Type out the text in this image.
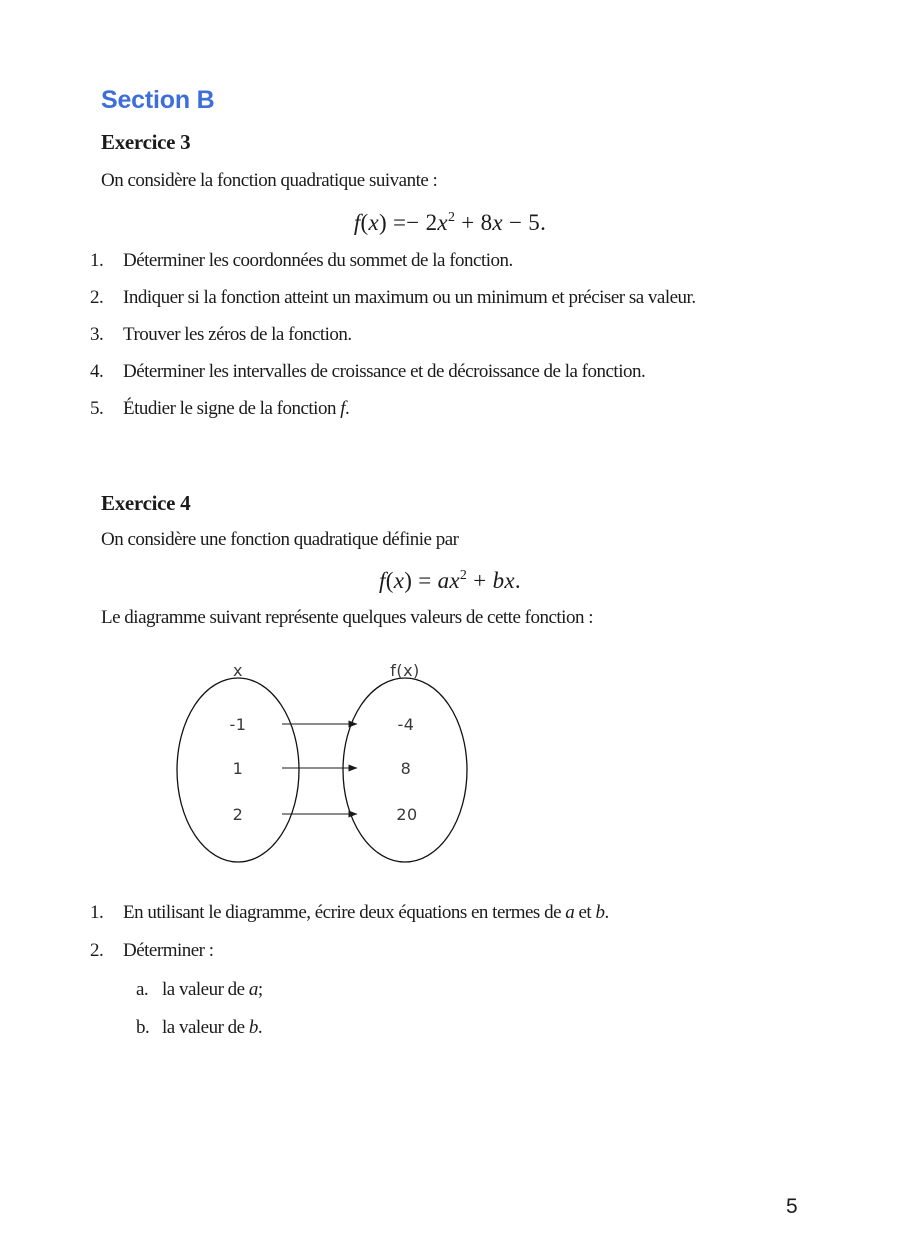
Section B
Exercice 3
On considère la fonction quadratique suivante :
$f(x) =- 2x^2 + 8x - 5$.
1. Déterminer les coordonnées du sommet de la fonction.
2. Indiquer si la fonction atteint un maximum ou un minimum et préciser sa valeur.
3. Trouver les zéros de la fonction.
4. Déterminer les intervalles de croissance et de décroissance de la fonction.
5. Étudier le signe de la fonction f.
Exercice 4
On considère une fonction quadratique définie par
$f(x) = ax^2$ + bx.
Le diagramme suivant représente quelques valeurs de cette fonction :
x	f(x)
-1
1
2
-4
8
20
1. En utilisant le diagramme, écrire deux équations en termes de a et b.
2. Déterminer :
a. la valeur de a;
b. la valeur de b.
5
